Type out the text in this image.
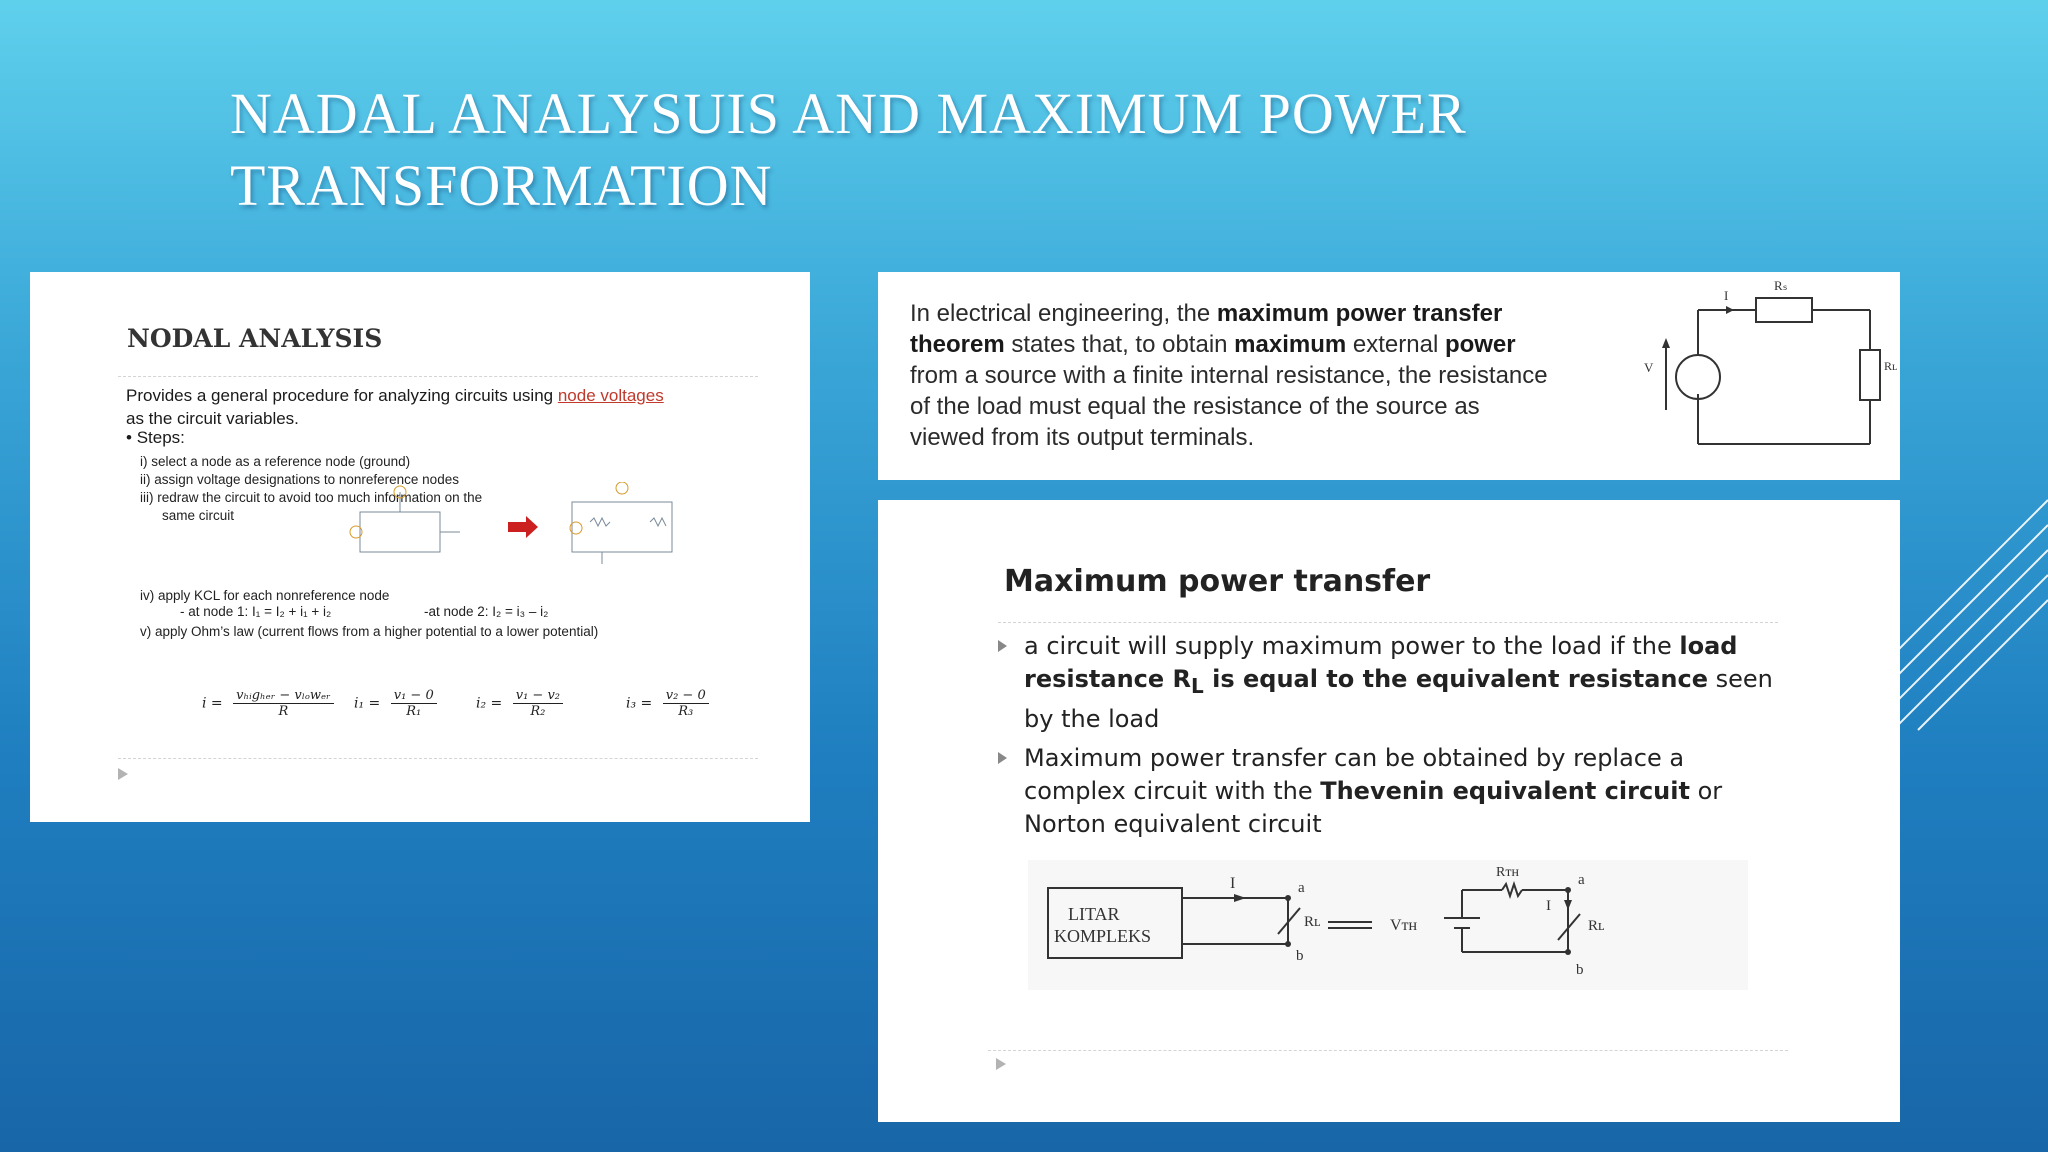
NADAL ANALYSUIS AND MAXIMUM POWER
TRANSFORMATION
NODAL ANALYSIS
Provides a general procedure for analyzing circuits using node voltages
as the circuit variables.
• Steps:
i) select a node as a reference node (ground)
ii) assign voltage designations to nonreference nodes
iii) redraw the circuit to avoid too much information on the
same circuit
iv) apply KCL for each nonreference node
- at node 1: I₁ = I₂ + i₁ + i₂	-at node 2: I₂ = i₃ – i₂
v) apply Ohm’s law (current flows from a higher potential to a lower potential)
$i = \frac{\text{vₕᵢgₕₑᵣ − vₗₒwₑᵣ}}{R} i_1 = \frac{\text{v₁ − 0}}{\text{R₁}}$	$i_2 = \frac{\text{v₁ − v₂}}{\text{R₂}}$	$i_3 = \frac{\text{v₂ − 0}}{\text{R₃}}$
In electrical engineering, the maximum power transfer theorem states that, to obtain maximum external power from a source with a finite internal resistance, the resistance of the load must equal the resistance of the source as viewed from its output terminals.
Rₛ
Rʟ
V
I
Maximum power transfer
a circuit will supply maximum power to the load if the load resistance $R_L$ is equal to the equivalent resistance seen by the load
Maximum power transfer can be obtained by replace a complex circuit with the Thevenin equivalent circuit or Norton equivalent circuit
LITAR
KOMPLEKS
I	a
b
Rʟ	Vᴛʜ
Rᴛʜ
I
a
Rʟ
b
